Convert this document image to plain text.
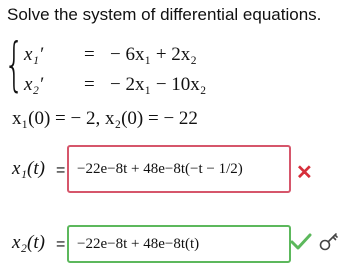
Solve the system of differential equations.
{ x₁′	= − 6x₁ + 2x₂
x₂′	= − 2x₁ − 10x₂
x₁(0) = − 2, x₂(0) = − 22
x₁(t) = −22e−8t + 48e−8t(−t − 1/2)	✕
x₂(t) = −22e−8t + 48e−8t(t)
